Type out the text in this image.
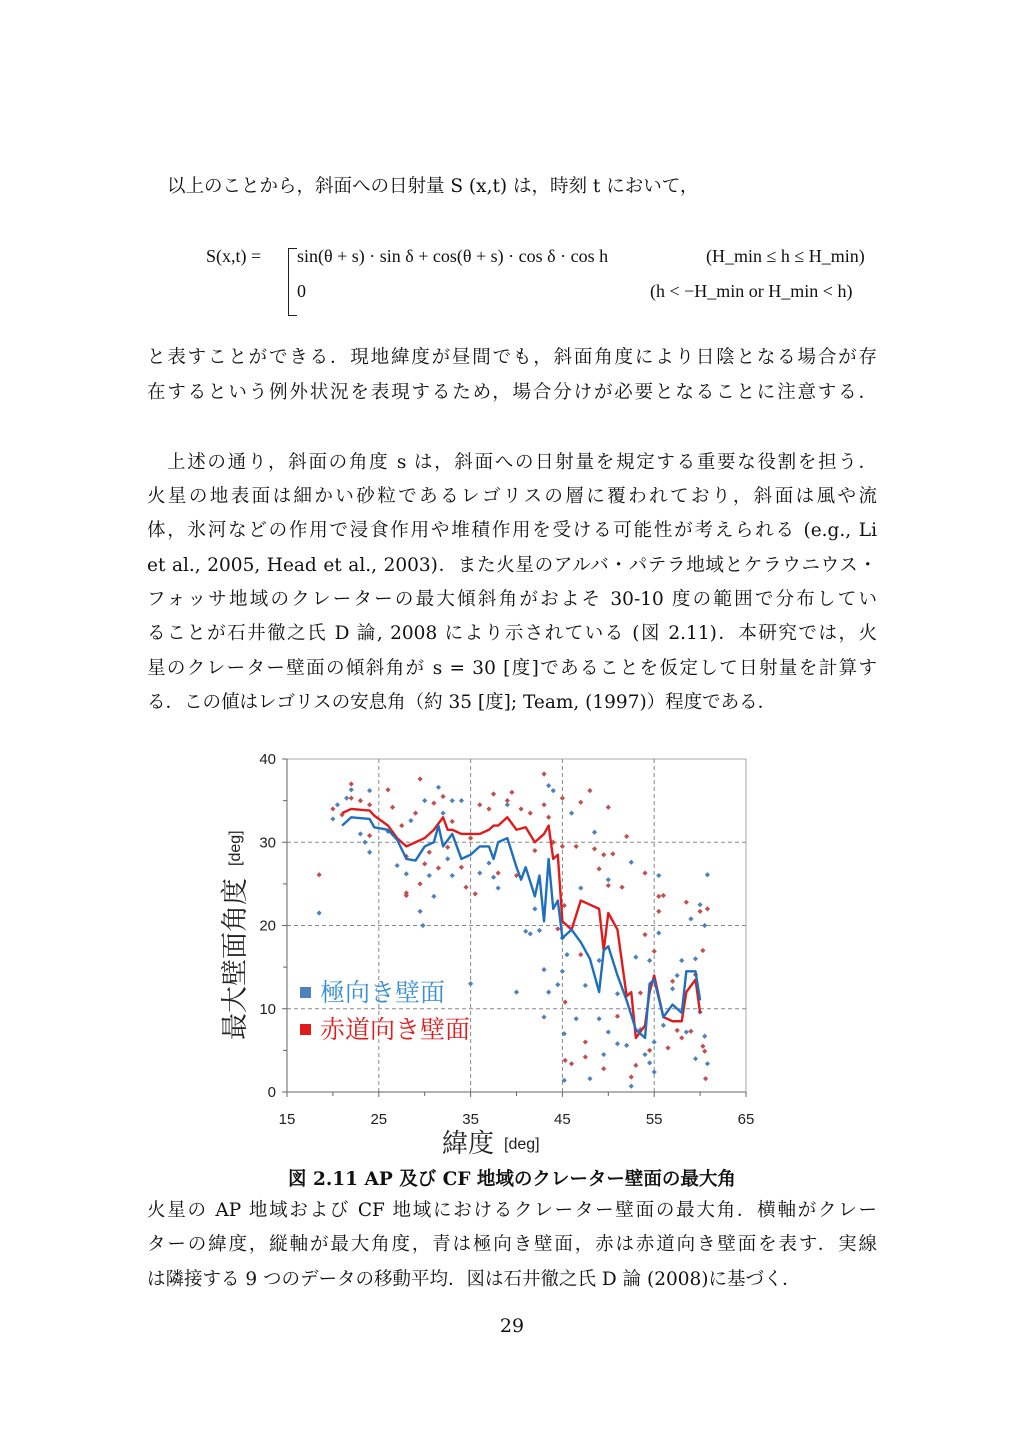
以上のことから，斜面への日射量 S (x,t) は，時刻 t において，
S(x,t) = sin(θ + s) · sin δ + cos(θ + s) · cos δ · cos h	(H_min ≤ h ≤ H_min)
0	(h < −H_min or H_min < h)
と表すことができる．現地緯度が昼間でも，斜面角度により日陰となる場合が存
在するという例外状況を表現するため，場合分けが必要となることに注意する．
上述の通り，斜面の角度 s は，斜面への日射量を規定する重要な役割を担う．
火星の地表面は細かい砂粒であるレゴリスの層に覆われており，斜面は風や流
体，氷河などの作用で浸食作用や堆積作用を受ける可能性が考えられる (e.g., Li
et al., 2005, Head et al., 2003)．また火星のアルバ・パテラ地域とケラウニウス・
フォッサ地域のクレーターの最大傾斜角がおよそ 30-10 度の範囲で分布してい
ることが石井徹之氏 D 論, 2008 により示されている (図 2.11)．本研究では，火
星のクレーター壁面の傾斜角が s = 30 [度]であることを仮定して日射量を計算す
る．この値はレゴリスの安息角（約 35 [度]; Team, (1997)）程度である．
15	25	35	45	55	65
0
10
20
30
40
最大壁面角度
[deg]
緯度 [deg]
極向き壁面
赤道向き壁面
図 2.11 AP 及び CF 地域のクレーター壁面の最大角
火星の AP 地域および CF 地域におけるクレーター壁面の最大角．横軸がクレー
ターの緯度，縦軸が最大角度，青は極向き壁面，赤は赤道向き壁面を表す．実線
は隣接する 9 つのデータの移動平均．図は石井徹之氏 D 論 (2008)に基づく．
29
